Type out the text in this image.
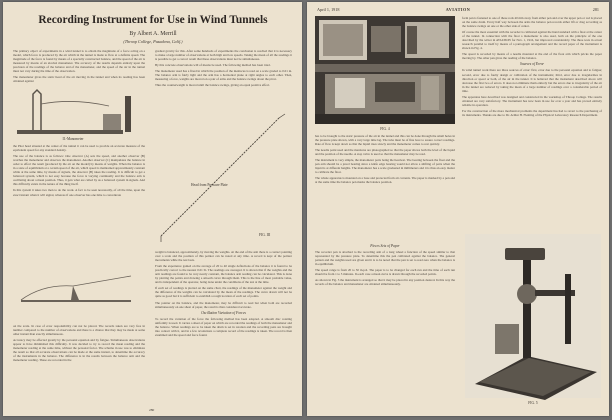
Recording Instrument for Use in Wind Tunnels
By Albert A. Merrill
(Throop College, Pasadena, Calif.)

The primary object of experiments in a wind tunnel is to obtain the magnitude of a force acting on a model, which force is produced by the air which in the tunnel is made to flow at a definite speed. The magnitude of the force is found by means of a specially constructed balance, and the speed of the air is measured by means of an alcohol manometer. The accuracy of the results depends entirely upon the precision of the readings of the balance and of the manometer, and the speed of the air in the tunnel must not vary during the time of the observation.

The manometer gives the static head of the air moving in the tunnel and when its reading has been obtained against

II.-Manometer

the Pitot head situated at the center of the tunnel it can be used to provide an accurate measure of the equivalent speed for any standard density.

The use of the balance is as follows: One observer (A) sets the speed, and another observer (B) watches the manometer and observes the manometer. Another observer (C) manipulates the balance in order to effect the result (produced by the air on the model) by means of weights. When the balance is in a state of equilibrium at a certain speed of the air, which speed is maintained approximately constant while at the same time, by means of signals, the observer (B) takes the reading. It is difficult to get a balanced system, which is not easy because the force is varying continually and the balance arm is oscillating about a mean position. Thus, it gets what are called by us a balanced system in signals. And this difficulty exists in the nature of the thing itself.

In this system it takes two men to do the work. A fact to be seen necessarily, of all the time, upon the exact instant when it will signal, whereas if one observer has one time to concentrate

on the scale. In case of error responsibility can not be placed. The records taken are very free in number compared to the number of observations and there is a chance that they may be made at some other instant than exactly simultaneous.

Accuracy may be effected greatly by the personal equation and by fatigue. Simultaneous observations appear to have diminished this difficulty. It was decided to try to record the mean reading and the manometer reading at the same time, without the personal factor. The scheme in use was to eliminate the result so that all accurate observations can be made at the same instant, to determine the accuracy of the instruments in the balance. The difference is in the results between the balance arm and the manometer reading. These are recorded in the

gradual gravity for this. After some hundreds of experiments the conclusion is reached that it is necessary to make a large number of observations at both high and low speeds. Taking the mean of all the readings it is possible to get a correct result that these observations must not be simultaneous.

By this concrete observations will of means be used. The following method has been tried.

The manometer used has a fixed in which the position of the meniscus is read on a scale graded to 0.01 in. The balance arm is fairly light and the arm has a horizontal plane at right angles to each other. Then, measuring a force, weights are moved on a pair of arms and the balance swings about the pivot.

Thus the counterweight is moved until the balance swings, giving an equal positive effect.

Head from Pressure Plate
FIG. III

weight is balanced, approximately, by moving the weights. At the end of the arm there is a contact pointing over a scale and the position of this pointer can be noted at any time. A record is kept of the pointer movements while the test lasts.

From the experience gained on the average of 20 to 40 single deflections of the balance it is found to be practically correct to the nearest 0.01 lb. The readings are averaged. It is shown that if the weights and the arm readings are found to be very nearly constant, the balance arm reading can be calculated. This is done by plotting the points and drawing a smooth curve through them. This is the line of most probable value, and is independent of the operator, being done under the conditions of the test at the time.

If each set of readings is plotted on the same chart, the readings of the manometer against the weight and the difference of the weights can be calculated by the mean of the readings. The curve drawn will not be quite as good but it is sufficient to establish a rough location of each set of points.

The pointer on the balance, and the manometer, may be difficult to read but when both are recorded simultaneously on one sheet of paper, the result is then considered accurate.

Oscillation Variation of Forces

To record the variation of the force the following method has been adopted. A smooth disc rotating uniformly is used. It carries a sheet of paper on which are recorded the readings of both the manometer and the balance. When readings are to be taken the drum is set in rotation and the recording pens are brought into contact with it, and in a few revolutions a complete record of the readings is taken. The record is then examined and the speed and force found.

280
April 1, 1918	AVIATION	281
FIG. 4

has to be brought to the static pressure of the air in the tunnel and this can be done through the small holes in the pressure plate shown, with a very large time lag. The tube must be of fine bore to assure correct readings. Rate of flow is kept down so that the liquid rises slowly and the manometer comes to rest quickly.

The needle point used and the meniscus are photographed so that the paper shows both the level of the liquid and the position of the needle. A stop valve is used so that the manometer may be read.

The instrument is very simple, the manometer parts being the heaviest. The bearing between the float and the pen arm should be a jewel bearing since a knife edge bearing would not allow a shifting of parts when the liquid is at different heights. The manometer has a scale graduated in millimeters and it is thus an easy matter to calibrate the float.

The whole apparatus is mounted on a base and protected from air currents. The paper is marked by a pen and at the same time the balance pen marks the balance position.

Pieces Sets of Paper

The recorder pen is attached to the recording arm of a long wheel a function of the speed similar to that represented by the pressure plate. To determine this the pen calibrated against the balance. The general pattern and the weights used are given and it is to be noted that the pen is set to read zero when the balance is in equilibrium.

The speed range is from 20 to 50 m.p.h. The paper is to be changed for each run and the time of each run should be from 1 to 5 minutes. In each case a mean curve is drawn through the recorded points.

As shown in Fig. 5 the instrument is arranged so that it may be placed in any position desired. In this way the records of the balance and manometer are obtained simultaneously.

form pen is fastened to one of these rods 40 mm away from either pen and over the upper pen or rod is placed on the same drum. Every half way between the arms the balance pen records either lift or drag according as the balance swings on one or the other side of center.

Of course the most essential with the recorder is calibrated against the hand standard with a float at the center of the tunnel. In connection with the float a manometer is also used, both on the principle of the one described by the writer in AVIATION for Nov. 1, 1916, but improved considerably. The three tests in actual research parallel to itself by means of a pantograph arrangement and the record paper of the instrument is shown in Fig. 4.

The speed is recorded by means of a needle mounted at the end of the float arm which pricks the paper moving by. The other pen gives the reading of the balance.

Sources of Error

In wind tunnel work there are three sources of error: first, error due to the personal equation and to fatigue; second, error due to faulty design or calibration of the instruments; third, error due to irregularities in direction or speed or both, of the air in the tunnel. It is believed that the instrument described above will decrease the first two of errors. It does not eliminate them entirely but the errors due to irregularity of the air in the tunnel are reduced by taking the mean of a large number of readings over a considerable period of time.

The apparatus here described was designed and constructed in the workshop of Throop College. The results obtained are very satisfactory. The instrument has now been in use for over a year and has proved entirely reliable in operation.

For the construction of the more mechanical problems the department has had to revert to the purchasing of its instruments. Thanks are due to Dr. Arthur H. Fleming of the Physical Laboratory Research Department.

FIG. 5
